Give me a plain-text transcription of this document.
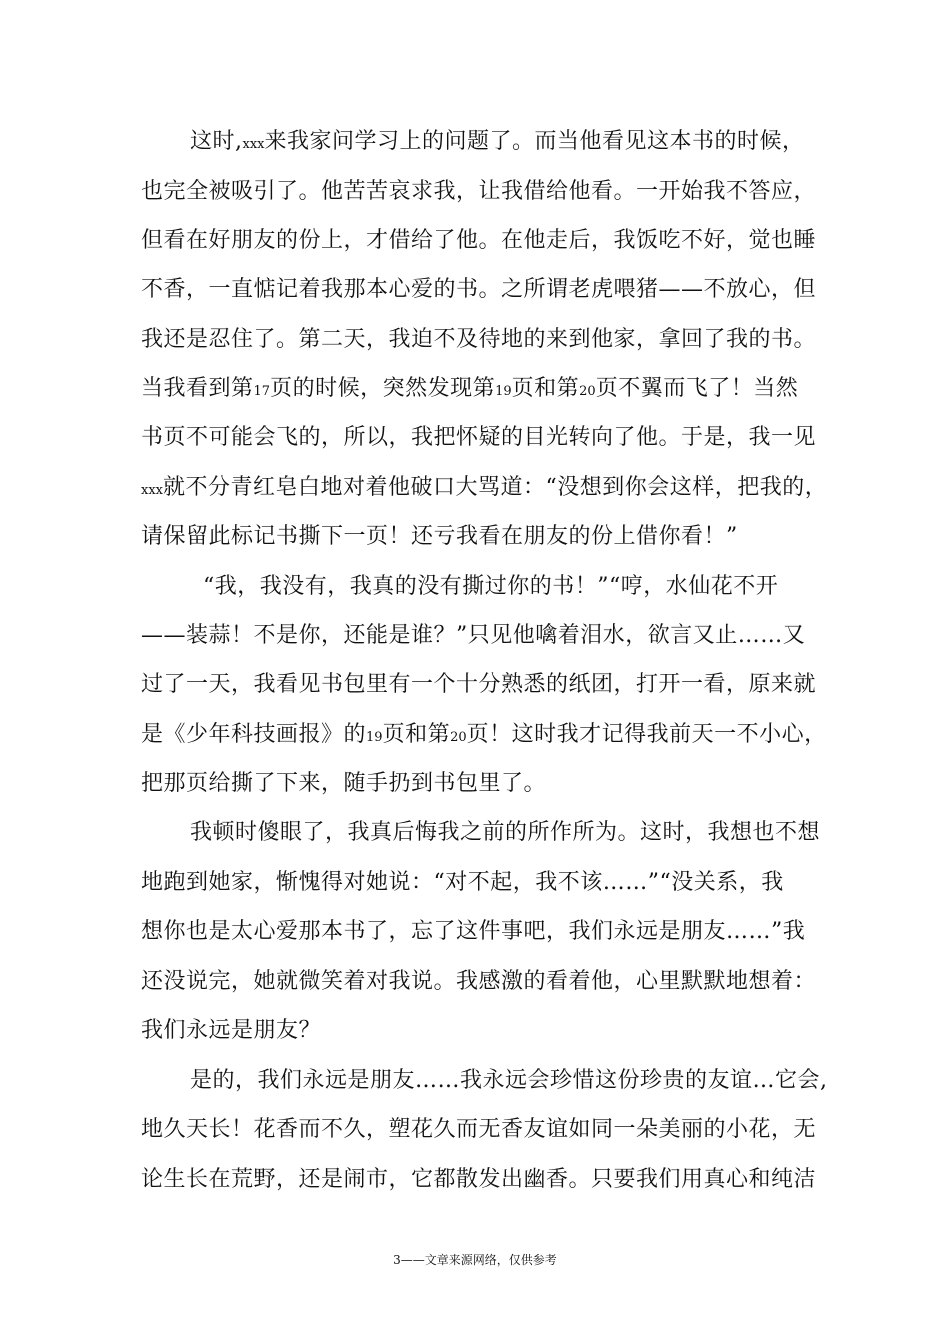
这时,xxx来我家问学习上的问题了。而当他看见这本书的时候，
也完全被吸引了。他苦苦哀求我，让我借给他看。一开始我不答应，
但看在好朋友的份上，才借给了他。在他走后，我饭吃不好，觉也睡
不香，一直惦记着我那本心爱的书。之所谓老虎喂猪——不放心，但
我还是忍住了。第二天，我迫不及待地的来到他家，拿回了我的书。
当我看到第17页的时候，突然发现第19页和第20页不翼而飞了！当然
书页不可能会飞的，所以，我把怀疑的目光转向了他。于是，我一见
xxx就不分青红皂白地对着他破口大骂道：“没想到你会这样，把我的，
请保留此标记书撕下一页！还亏我看在朋友的份上借你看！”
“我，我没有，我真的没有撕过你的书！”“哼，水仙花不开
——装蒜！不是你，还能是谁？”只见他噙着泪水，欲言又止……又
过了一天，我看见书包里有一个十分熟悉的纸团，打开一看，原来就
是《少年科技画报》的19页和第20页！这时我才记得我前天一不小心，
把那页给撕了下来，随手扔到书包里了。
我顿时傻眼了，我真后悔我之前的所作所为。这时，我想也不想
地跑到她家，惭愧得对她说：“对不起，我不该……”“没关系，我
想你也是太心爱那本书了，忘了这件事吧，我们永远是朋友……”我
还没说完，她就微笑着对我说。我感激的看着他，心里默默地想着：
我们永远是朋友？
是的，我们永远是朋友……我永远会珍惜这份珍贵的友谊…它会,
地久天长！花香而不久，塑花久而无香友谊如同一朵美丽的小花，无
论生长在荒野，还是闹市，它都散发出幽香。只要我们用真心和纯洁
3——文章来源网络，仅供参考
